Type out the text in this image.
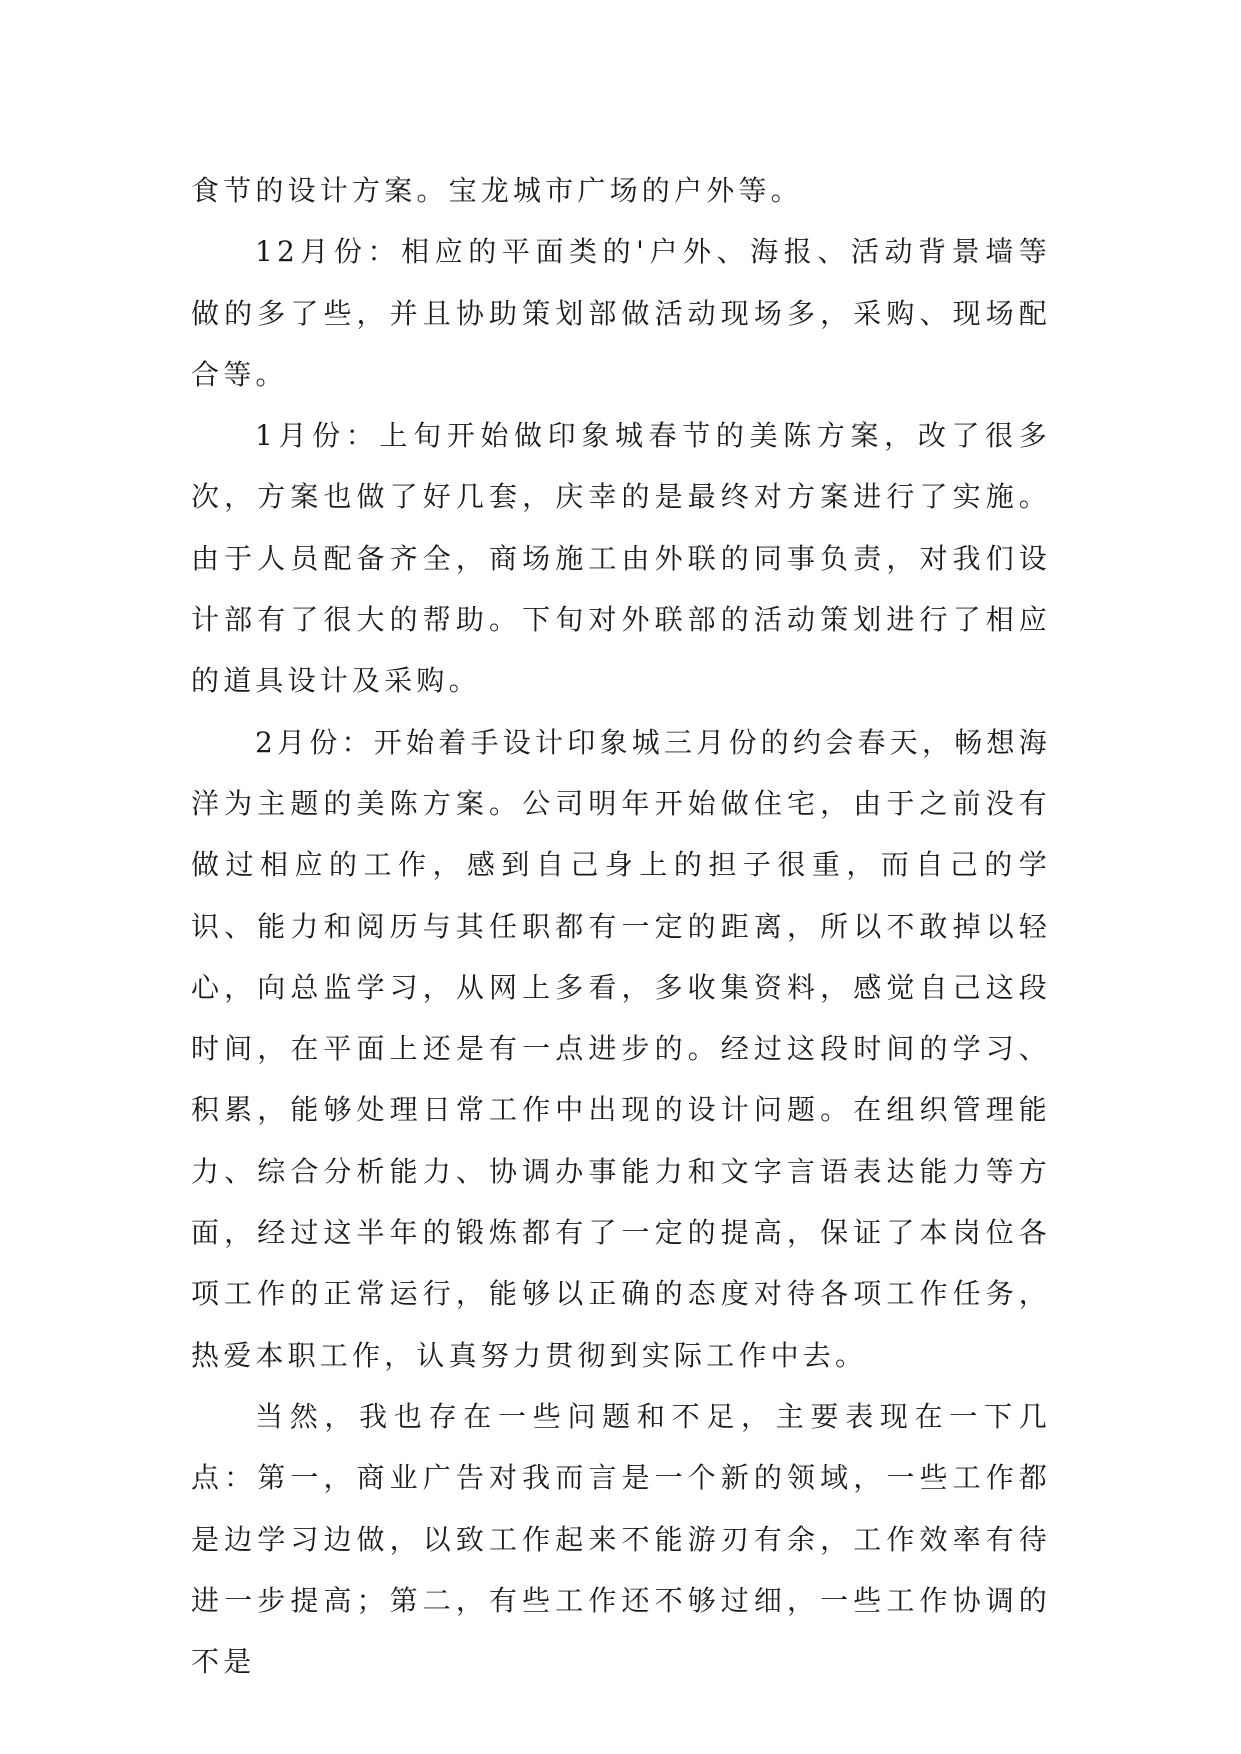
食节的设计方案。宝龙城市广场的户外等。

12月份：相应的平面类的'户外、海报、活动背景墙等做的多了些，并且协助策划部做活动现场多，采购、现场配合等。

1月份：上旬开始做印象城春节的美陈方案，改了很多次，方案也做了好几套，庆幸的是最终对方案进行了实施。由于人员配备齐全，商场施工由外联的同事负责，对我们设计部有了很大的帮助。下旬对外联部的活动策划进行了相应的道具设计及采购。

2月份：开始着手设计印象城三月份的约会春天，畅想海洋为主题的美陈方案。公司明年开始做住宅，由于之前没有做过相应的工作，感到自己身上的担子很重，而自己的学识、能力和阅历与其任职都有一定的距离，所以不敢掉以轻心，向总监学习，从网上多看，多收集资料，感觉自己这段时间，在平面上还是有一点进步的。经过这段时间的学习、积累，能够处理日常工作中出现的设计问题。在组织管理能力、综合分析能力、协调办事能力和文字言语表达能力等方面，经过这半年的锻炼都有了一定的提高，保证了本岗位各项工作的正常运行，能够以正确的态度对待各项工作任务，热爱本职工作，认真努力贯彻到实际工作中去。

当然，我也存在一些问题和不足，主要表现在一下几点：第一，商业广告对我而言是一个新的领域，一些工作都是边学习边做，以致工作起来不能游刃有余，工作效率有待进一步提高；第二，有些工作还不够过细，一些工作协调的不是
